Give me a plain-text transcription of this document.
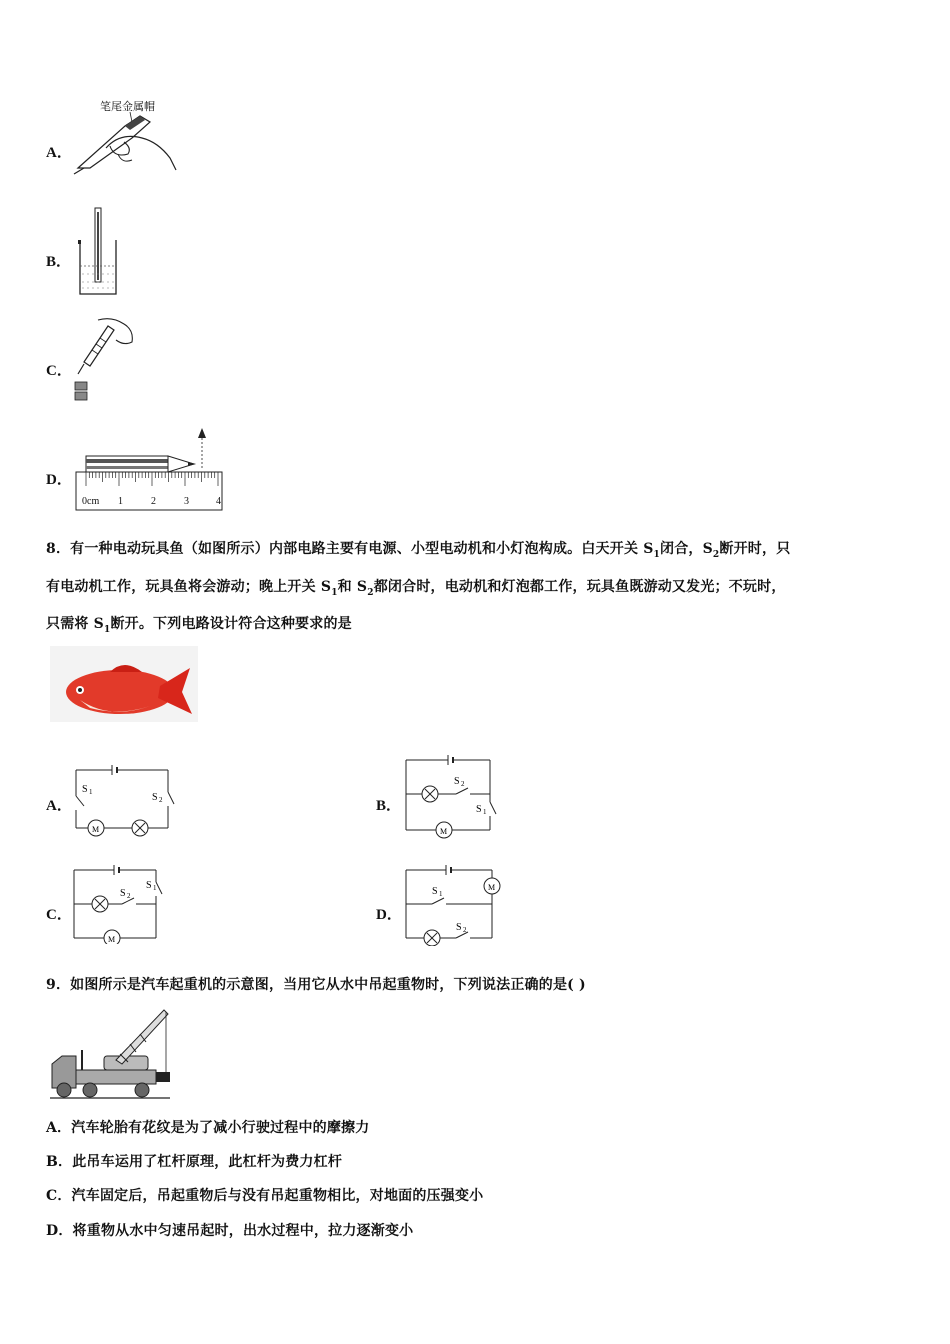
A．
笔尾金属帽
B．
C．
D．
0cm 1	2	3	4
8．有一种电动玩具鱼（如图所示）内部电路主要有电源、小型电动机和小灯泡构成。白天开关 $S_1$闭合，$S_2$断开时，只
有电动机工作，玩具鱼将会游动；晚上开关 $S_1$和 $S_2$都闭合时，电动机和灯泡都工作，玩具鱼既游动又发光；不玩时，
只需将 $S_1$断开。下列电路设计符合这种要求的是
A．
S 1	S 2
M
B．
S 2
S 1
M
C．
S 2
S 1
M
D．
M
S 1
S 2
9．如图所示是汽车起重机的示意图，当用它从水中吊起重物时，下列说法正确的是( )
A．汽车轮胎有花纹是为了减小行驶过程中的摩擦力
B．此吊车运用了杠杆原理，此杠杆为费力杠杆
C．汽车固定后，吊起重物后与没有吊起重物相比，对地面的压强变小
D．将重物从水中匀速吊起时，出水过程中，拉力逐渐变小
